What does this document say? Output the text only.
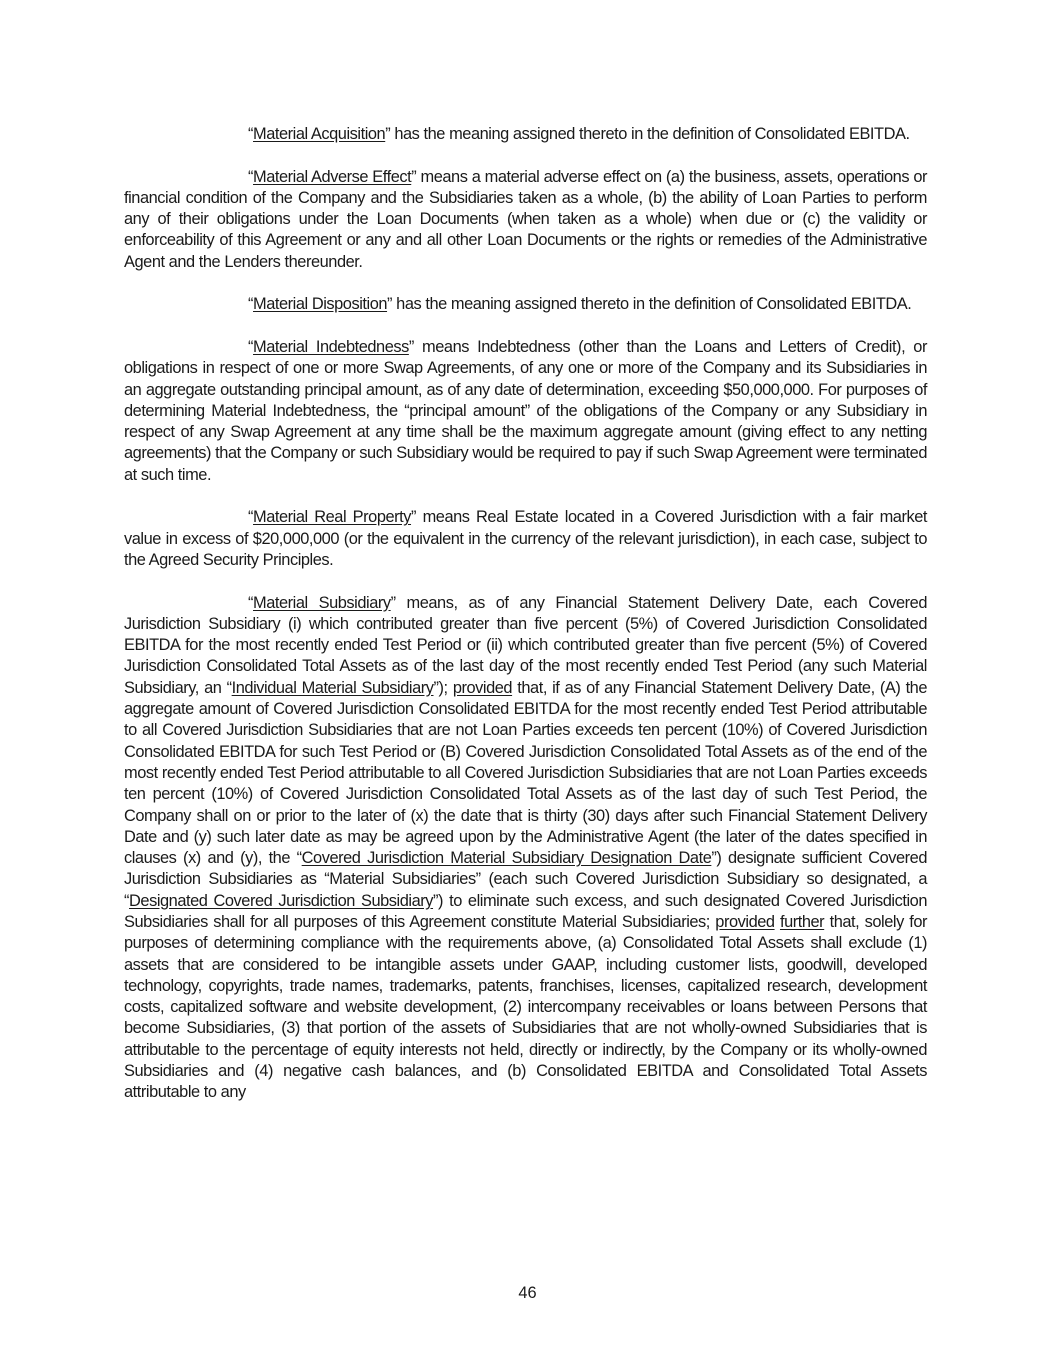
“Material Acquisition” has the meaning assigned thereto in the definition of Consolidated EBITDA.

“Material Adverse Effect” means a material adverse effect on (a) the business, assets, operations or financial condition of the Company and the Subsidiaries taken as a whole, (b) the ability of Loan Parties to perform any of their obligations under the Loan Documents (when taken as a whole) when due or (c) the validity or enforceability of this Agreement or any and all other Loan Documents or the rights or remedies of the Administrative Agent and the Lenders thereunder.

“Material Disposition” has the meaning assigned thereto in the definition of Consolidated EBITDA.

“Material Indebtedness” means Indebtedness (other than the Loans and Letters of Credit), or obligations in respect of one or more Swap Agreements, of any one or more of the Company and its Subsidiaries in an aggregate outstanding principal amount, as of any date of determination, exceeding $50,000,000. For purposes of determining Material Indebtedness, the “principal amount” of the obligations of the Company or any Subsidiary in respect of any Swap Agreement at any time shall be the maximum aggregate amount (giving effect to any netting agreements) that the Company or such Subsidiary would be required to pay if such Swap Agreement were terminated at such time.

“Material Real Property” means Real Estate located in a Covered Jurisdiction with a fair market value in excess of $20,000,000 (or the equivalent in the currency of the relevant jurisdiction), in each case, subject to the Agreed Security Principles.

“Material Subsidiary” means, as of any Financial Statement Delivery Date, each Covered Jurisdiction Subsidiary (i) which contributed greater than five percent (5%) of Covered Jurisdiction Consolidated EBITDA for the most recently ended Test Period or (ii) which contributed greater than five percent (5%) of Covered Jurisdiction Consolidated Total Assets as of the last day of the most recently ended Test Period (any such Material Subsidiary, an “Individual Material Subsidiary”); provided that, if as of any Financial Statement Delivery Date, (A) the aggregate amount of Covered Jurisdiction Consolidated EBITDA for the most recently ended Test Period attributable to all Covered Jurisdiction Subsidiaries that are not Loan Parties exceeds ten percent (10%) of Covered Jurisdiction Consolidated EBITDA for such Test Period or (B) Covered Jurisdiction Consolidated Total Assets as of the end of the most recently ended Test Period attributable to all Covered Jurisdiction Subsidiaries that are not Loan Parties exceeds ten percent (10%) of Covered Jurisdiction Consolidated Total Assets as of the last day of such Test Period, the Company shall on or prior to the later of (x) the date that is thirty (30) days after such Financial Statement Delivery Date and (y) such later date as may be agreed upon by the Administrative Agent (the later of the dates specified in clauses (x) and (y), the “Covered Jurisdiction Material Subsidiary Designation Date”) designate sufficient Covered Jurisdiction Subsidiaries as “Material Subsidiaries” (each such Covered Jurisdiction Subsidiary so designated, a “Designated Covered Jurisdiction Subsidiary”) to eliminate such excess, and such designated Covered Jurisdiction Subsidiaries shall for all purposes of this Agreement constitute Material Subsidiaries; provided further that, solely for purposes of determining compliance with the requirements above, (a) Consolidated Total Assets shall exclude (1) assets that are considered to be intangible assets under GAAP, including customer lists, goodwill, developed technology, copyrights, trade names, trademarks, patents, franchises, licenses, capitalized research, development costs, capitalized software and website development, (2) intercompany receivables or loans between Persons that become Subsidiaries, (3) that portion of the assets of Subsidiaries that are not wholly-owned Subsidiaries that is attributable to the percentage of equity interests not held, directly or indirectly, by the Company or its wholly-owned Subsidiaries and (4) negative cash balances, and (b) Consolidated EBITDA and Consolidated Total Assets attributable to any

46
